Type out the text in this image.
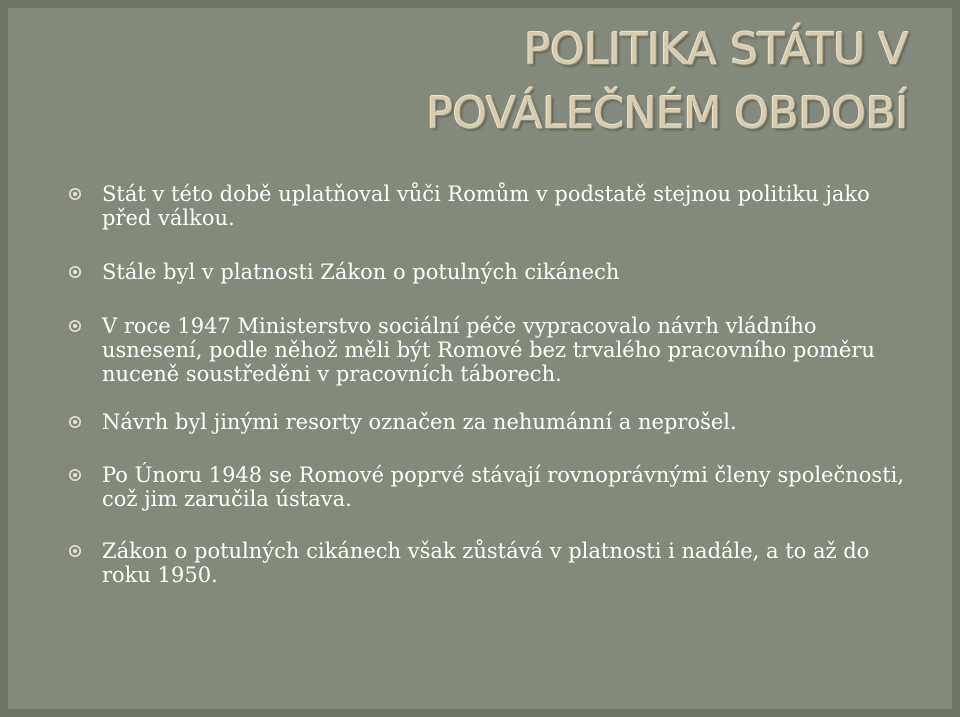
POLITIKA STÁTU V
POVÁLEČNÉM OBDOBÍ
Stát v této době uplatňoval vůči Romům v podstatě stejnou politiku jako před válkou.
Stále byl v platnosti Zákon o potulných cikánech
V roce 1947 Ministerstvo sociální péče vypracovalo návrh vládního usnesení, podle něhož měli být Romové bez trvalého pracovního poměru nuceně soustředěni v pracovních táborech.
Návrh byl jinými resorty označen za nehumánní a neprošel.
Po Únoru 1948 se Romové poprvé stávají rovnoprávnými členy společnosti, což jim zaručila ústava.
Zákon o potulných cikánech však zůstává v platnosti i nadále, a to až do roku 1950.
